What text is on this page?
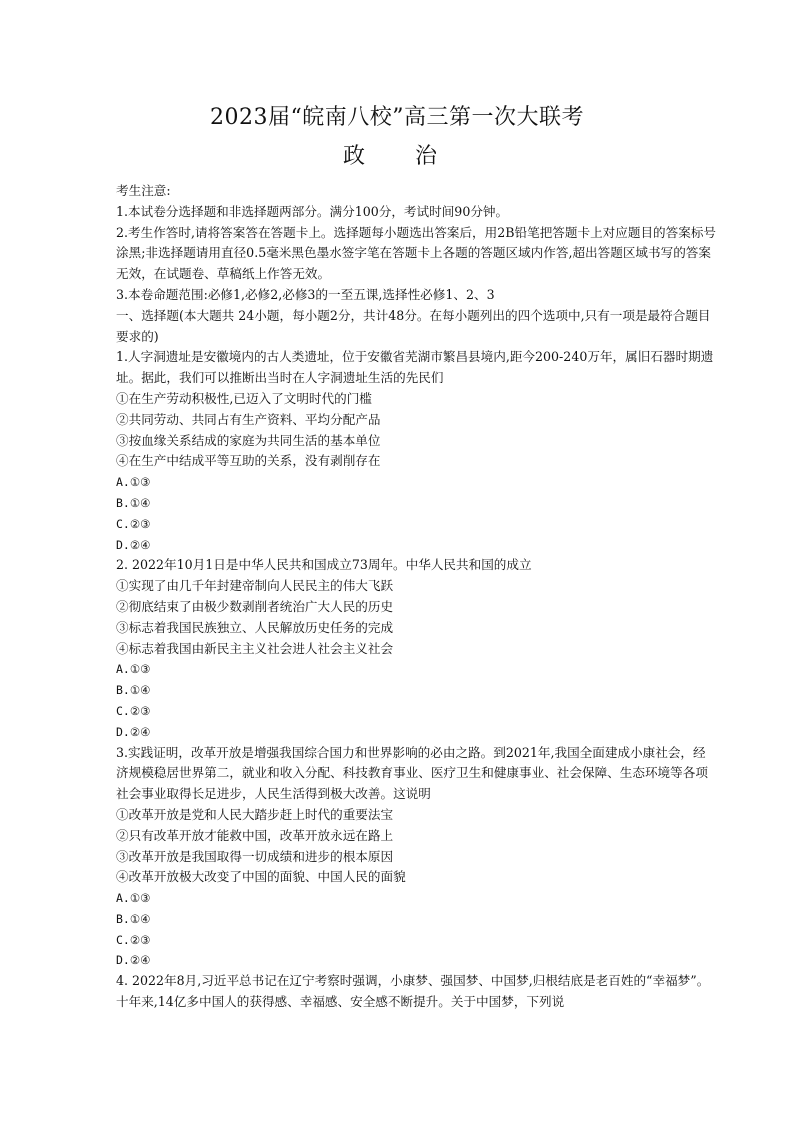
2023届“皖南八校”高三第一次大联考
政　治

考生注意:

1.本试卷分选择题和非选择题两部分。满分100分，考试时间90分钟。

2.考生作答时,请将答案答在答题卡上。选择题每小题选出答案后，用2B铅笔把答题卡上对应题目的答案标号涂黑;非选择题请用直径0.5毫米黑色墨水签字笔在答题卡上各题的答题区域内作答,超出答题区域书写的答案无效，在试题卷、草稿纸上作答无效。

3.本卷命题范围:必修1,必修2,必修3的一至五课,选择性必修1、2、3

一、选择题(本大题共 24小题，每小题2分，共计48分。在每小题列出的四个选项中,只有一项是最符合题目要求的)

1.人字洞遗址是安徽境内的古人类遗址，位于安徽省芜湖市繁昌县境内,距今200-240万年，属旧石器时期遗址。据此，我们可以推断出当时在人字洞遗址生活的先民们

①在生产劳动积极性,已迈入了文明时代的门槛

②共同劳动、共同占有生产资料、平均分配产品

③按血缘关系结成的家庭为共同生活的基本单位

④在生产中结成平等互助的关系，没有剥削存在

A.①③

B.①④

C.②③

D.②④

2. 2022年10月1日是中华人民共和国成立73周年。中华人民共和国的成立

①实现了由几千年封建帝制向人民民主的伟大飞跃

②彻底结束了由极少数剥削者统治广大人民的历史

③标志着我国民族独立、人民解放历史任务的完成

④标志着我国由新民主主义社会进人社会主义社会

A.①③

B.①④

C.②③

D.②④

3.实践证明，改革开放是增强我国综合国力和世界影响的必由之路。到2021年,我国全面建成小康社会，经济规模稳居世界第二，就业和收入分配、科技教育事业、医疗卫生和健康事业、社会保障、生态环境等各项社会事业取得长足进步，人民生活得到极大改善。这说明

①改革开放是党和人民大踏步赶上时代的重要法宝

②只有改革开放才能救中国，改革开放永远在路上

③改革开放是我国取得一切成绩和进步的根本原因

④改革开放极大改变了中国的面貌、中国人民的面貌

A.①③

B.①④

C.②③

D.②④

4. 2022年8月,习近平总书记在辽宁考察时强调，小康梦、强国梦、中国梦,归根结底是老百姓的“幸福梦”。十年来,14亿多中国人的获得感、幸福感、安全感不断提升。关于中国梦，下列说
